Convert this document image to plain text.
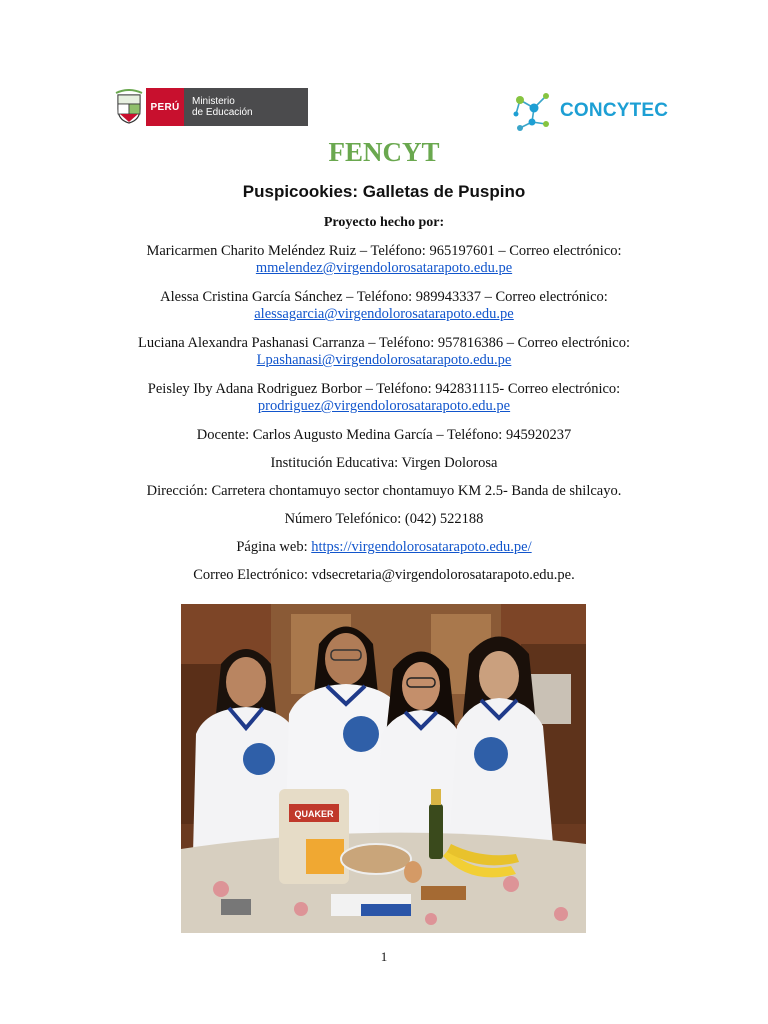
PERÚ	Ministerio
de Educación	CONCYTEC
FENCYT
Puspicookies: Galletas de Puspino
Proyecto hecho por:
Maricarmen Charito Meléndez Ruiz – Teléfono: 965197601 – Correo electrónico:
mmelendez@virgendolorosatarapoto.edu.pe
Alessa Cristina García Sánchez – Teléfono: 989943337 – Correo electrónico:
alessagarcia@virgendolorosatarapoto.edu.pe
Luciana Alexandra Pashanasi Carranza – Teléfono: 957816386 – Correo electrónico:
Lpashanasi@virgendolorosatarapoto.edu.pe
Peisley Iby Adana Rodriguez Borbor – Teléfono: 942831115- Correo electrónico:
prodriguez@virgendolorosatarapoto.edu.pe
Docente: Carlos Augusto Medina García – Teléfono: 945920237
Institución Educativa: Virgen Dolorosa
Dirección: Carretera chontamuyo sector chontamuyo KM 2.5- Banda de shilcayo.
Número Telefónico: (042) 522188
Página web: https://virgendolorosatarapoto.edu.pe/
Correo Electrónico: vdsecretaria@virgendolorosatarapoto.edu.pe.
QUAKER
1
